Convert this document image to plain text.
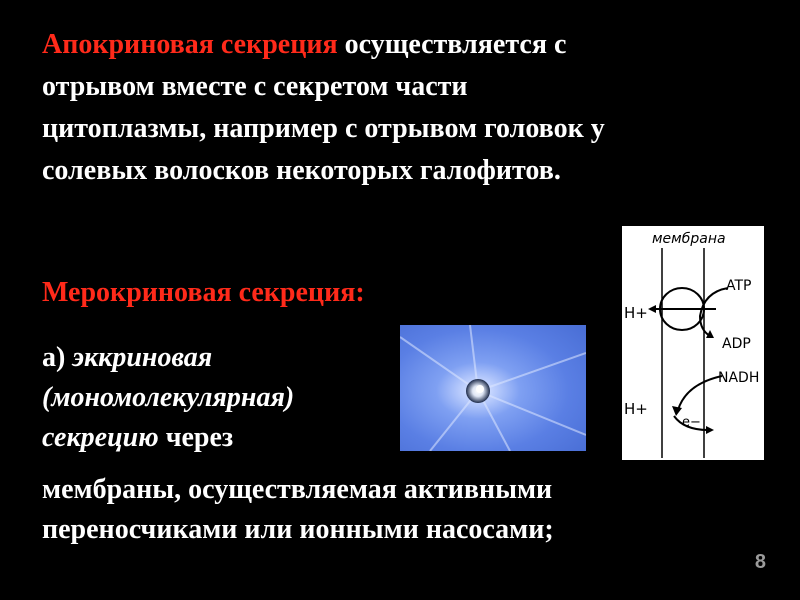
Апокриновая секреция осуществляется с
отрывом вместе с секретом части
цитоплазмы, например с отрывом головок у
солевых волосков некоторых галофитов.

Мерокриновая секреция:

а) эккриновая
(мономолекулярная)
секрецию через

мембраны, осуществляемая активными
переносчиками или ионными насосами;

мембрана
ATP
ADP
H+
NADH
e−
H+
8
